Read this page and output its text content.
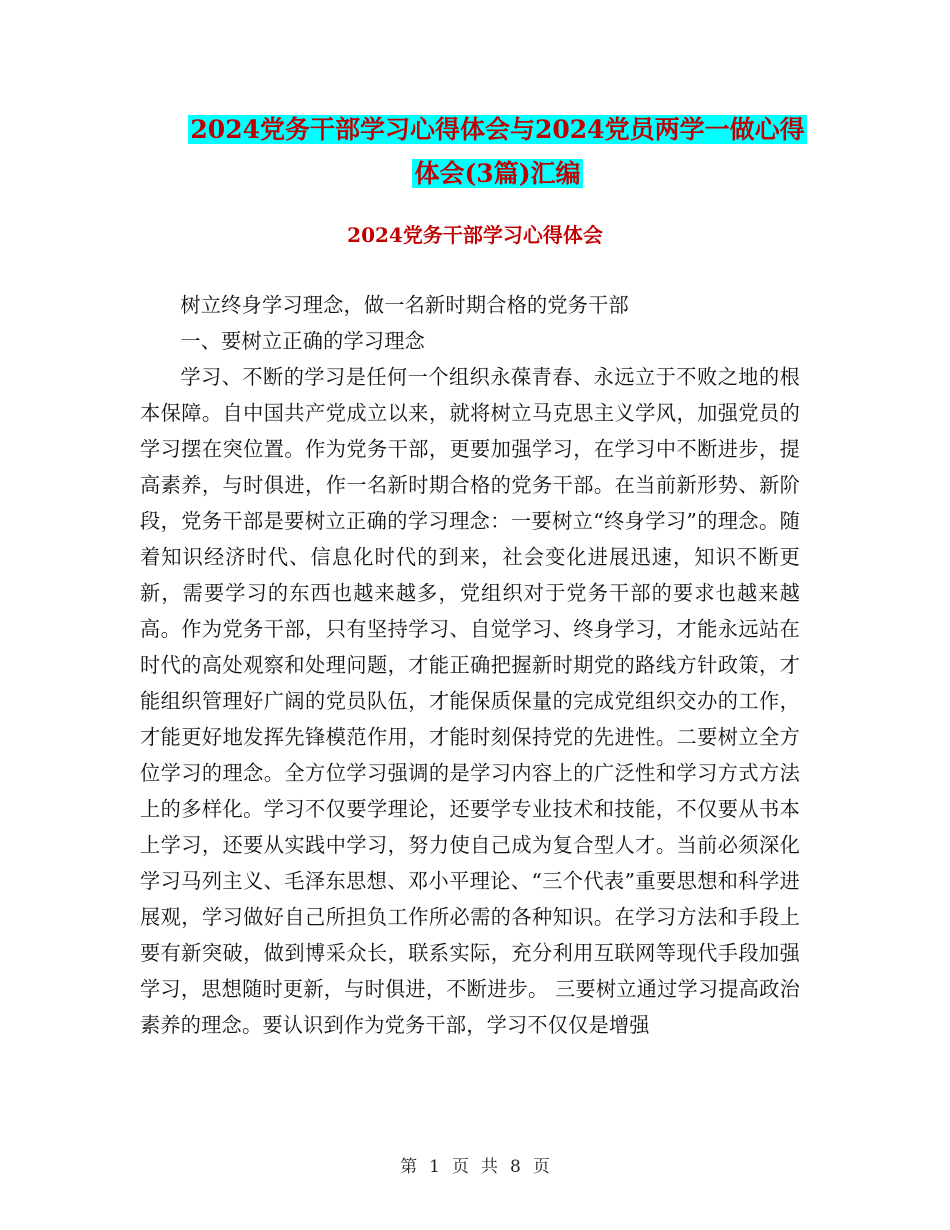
2024党务干部学习心得体会与2024党员两学一做心得
体会(3篇)汇编
2024党务干部学习心得体会

树立终身学习理念，做一名新时期合格的党务干部

一、要树立正确的学习理念

学习、不断的学习是任何一个组织永葆青春、永远立于不败之地的根本保障。自中国共产党成立以来，就将树立马克思主义学风，加强党员的学习摆在突位置。作为党务干部，更要加强学习，在学习中不断进步，提高素养，与时俱进，作一名新时期合格的党务干部。在当前新形势、新阶段，党务干部是要树立正确的学习理念：一要树立“终身学习”的理念。随着知识经济时代、信息化时代的到来，社会变化进展迅速，知识不断更新，需要学习的东西也越来越多，党组织对于党务干部的要求也越来越高。作为党务干部，只有坚持学习、自觉学习、终身学习，才能永远站在时代的高处观察和处理问题，才能正确把握新时期党的路线方针政策，才能组织管理好广阔的党员队伍，才能保质保量的完成党组织交办的工作，才能更好地发挥先锋模范作用，才能时刻保持党的先进性。二要树立全方位学习的理念。全方位学习强调的是学习内容上的广泛性和学习方式方法上的多样化。学习不仅要学理论，还要学专业技术和技能，不仅要从书本上学习，还要从实践中学习，努力使自己成为复合型人才。当前必须深化学习马列主义、毛泽东思想、邓小平理论、“三个代表”重要思想和科学进展观，学习做好自己所担负工作所必需的各种知识。在学习方法和手段上要有新突破，做到博采众长，联系实际，充分利用互联网等现代手段加强学习，思想随时更新，与时俱进，不断进步。 三要树立通过学习提高政治素养的理念。要认识到作为党务干部，学习不仅仅是增强

第 1 页 共 8 页
